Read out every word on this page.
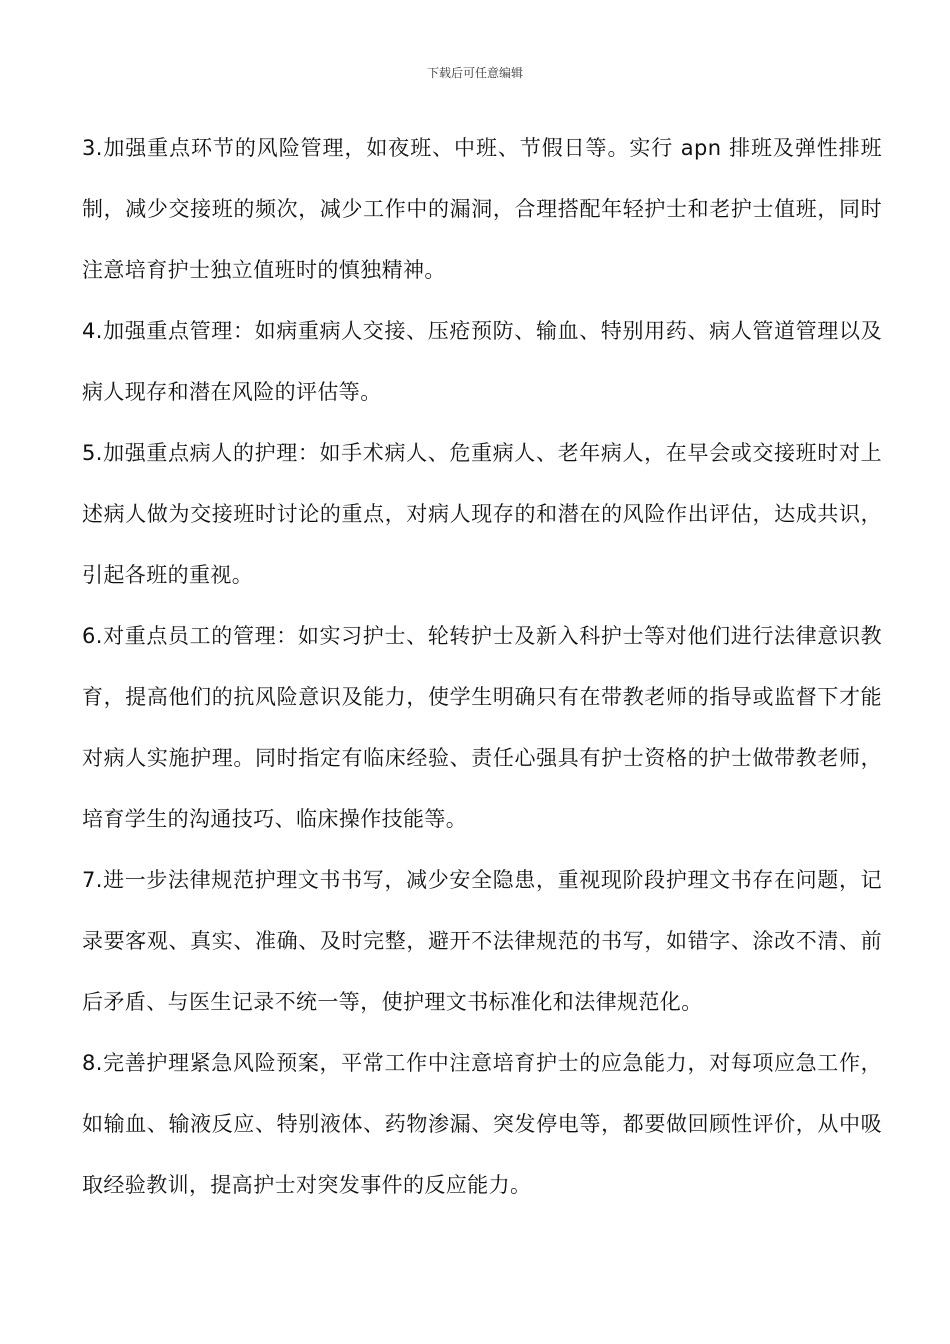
下载后可任意编辑

3.加强重点环节的风险管理，如夜班、中班、节假日等。实行 apn 排班及弹性排班制，减少交接班的频次，减少工作中的漏洞，合理搭配年轻护士和老护士值班，同时注意培育护士独立值班时的慎独精神。

4.加强重点管理：如病重病人交接、压疮预防、输血、特别用药、病人管道管理以及病人现存和潜在风险的评估等。

5.加强重点病人的护理：如手术病人、危重病人、老年病人，在早会或交接班时对上述病人做为交接班时讨论的重点，对病人现存的和潜在的风险作出评估，达成共识，引起各班的重视。

6.对重点员工的管理：如实习护士、轮转护士及新入科护士等对他们进行法律意识教育，提高他们的抗风险意识及能力，使学生明确只有在带教老师的指导或监督下才能对病人实施护理。同时指定有临床经验、责任心强具有护士资格的护士做带教老师，培育学生的沟通技巧、临床操作技能等。

7.进一步法律规范护理文书书写，减少安全隐患，重视现阶段护理文书存在问题，记录要客观、真实、准确、及时完整，避开不法律规范的书写，如错字、涂改不清、前后矛盾、与医生记录不统一等，使护理文书标准化和法律规范化。

8.完善护理紧急风险预案，平常工作中注意培育护士的应急能力，对每项应急工作，如输血、输液反应、特别液体、药物渗漏、突发停电等，都要做回顾性评价，从中吸取经验教训，提高护士对突发事件的反应能力。
